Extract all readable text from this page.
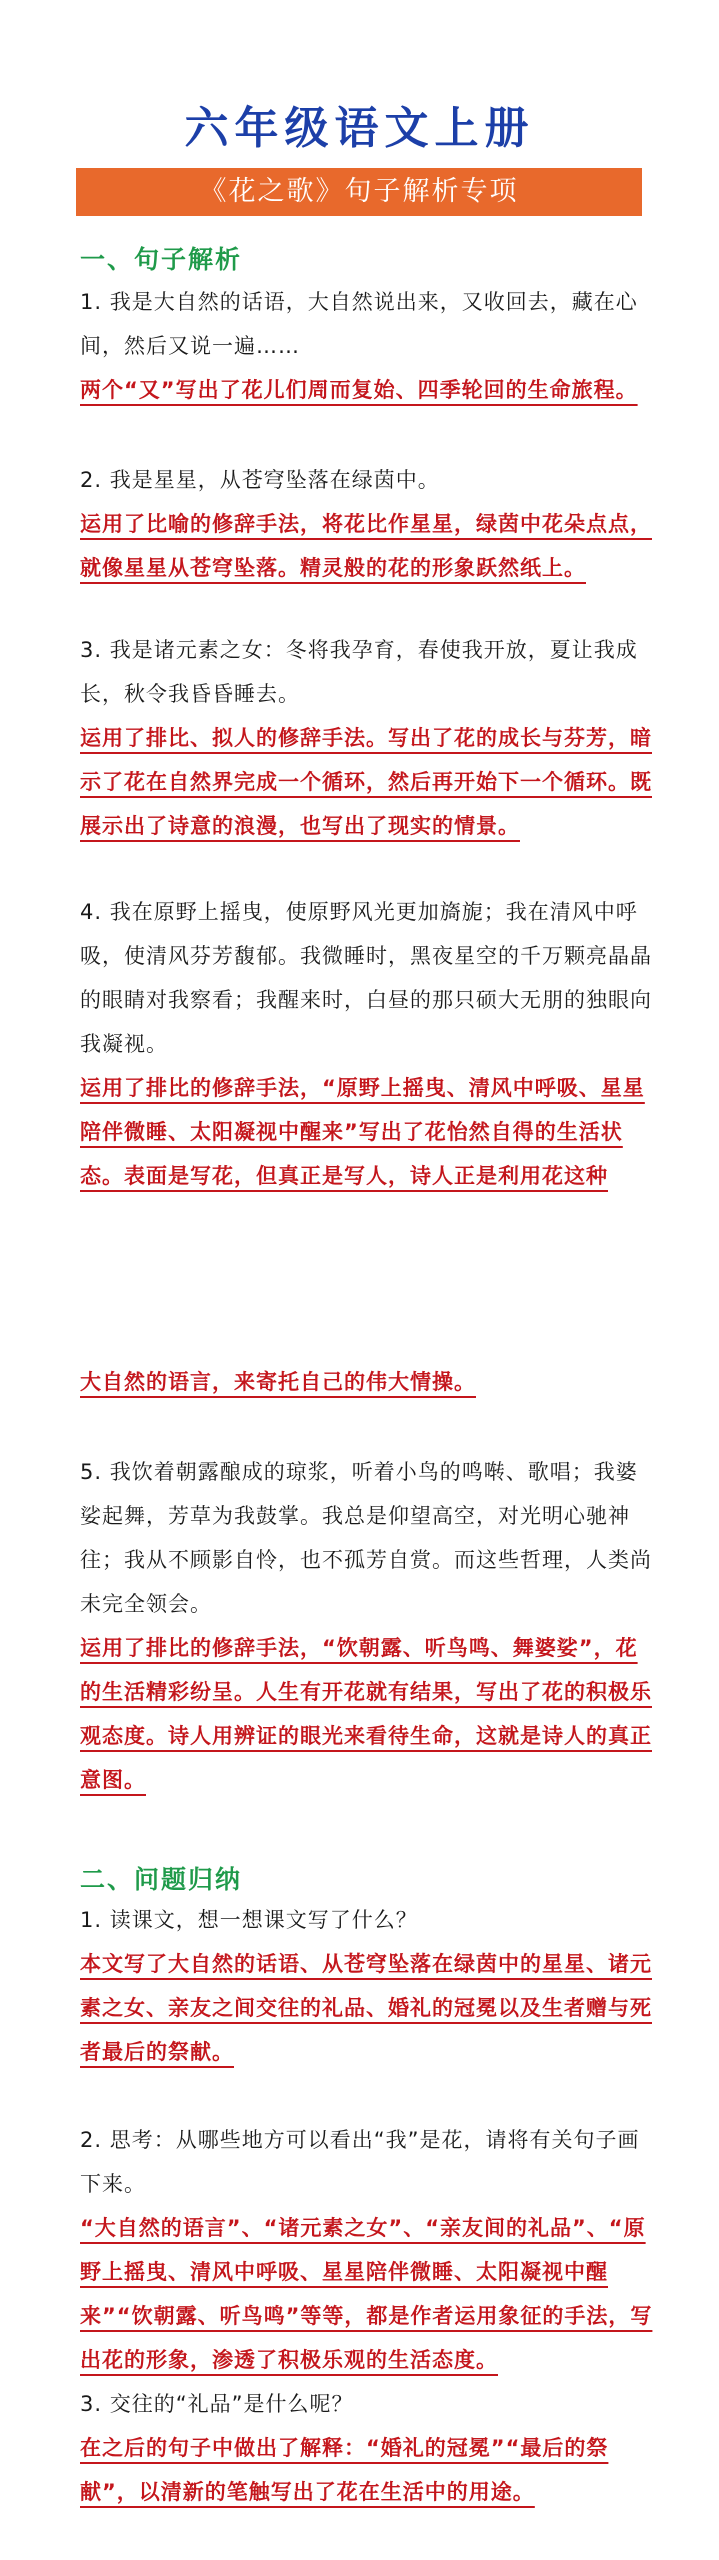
六年级语文上册
《花之歌》句子解析专项
一、句子解析
1. 我是大自然的话语，大自然说出来，又收回去，藏在心间，然后又说一遍……
两个“又”写出了花儿们周而复始、四季轮回的生命旅程。
2. 我是星星，从苍穹坠落在绿茵中。
运用了比喻的修辞手法，将花比作星星，绿茵中花朵点点，就像星星从苍穹坠落。精灵般的花的形象跃然纸上。
3. 我是诸元素之女：冬将我孕育，春使我开放，夏让我成长，秋令我昏昏睡去。
运用了排比、拟人的修辞手法。写出了花的成长与芬芳，暗示了花在自然界完成一个循环，然后再开始下一个循环。既展示出了诗意的浪漫，也写出了现实的情景。
4. 我在原野上摇曳，使原野风光更加旖旎；我在清风中呼吸，使清风芬芳馥郁。我微睡时，黑夜星空的千万颗亮晶晶的眼睛对我察看；我醒来时，白昼的那只硕大无朋的独眼向我凝视。
运用了排比的修辞手法，“原野上摇曳、清风中呼吸、星星陪伴微睡、太阳凝视中醒来”写出了花怡然自得的生活状态。表面是写花，但真正是写人，诗人正是利用花这种
大自然的语言，来寄托自己的伟大情操。
5. 我饮着朝露酿成的琼浆，听着小鸟的鸣啭、歌唱；我婆娑起舞，芳草为我鼓掌。我总是仰望高空，对光明心驰神往；我从不顾影自怜，也不孤芳自赏。而这些哲理，人类尚未完全领会。
运用了排比的修辞手法，“饮朝露、听鸟鸣、舞婆娑”，花的生活精彩纷呈。人生有开花就有结果，写出了花的积极乐观态度。诗人用辨证的眼光来看待生命，这就是诗人的真正意图。
二、问题归纳
1. 读课文，想一想课文写了什么？
本文写了大自然的话语、从苍穹坠落在绿茵中的星星、诸元素之女、亲友之间交往的礼品、婚礼的冠冕以及生者赠与死者最后的祭献。
2. 思考：从哪些地方可以看出“我”是花，请将有关句子画下来。
“大自然的语言”、“诸元素之女”、“亲友间的礼品”、“原野上摇曳、清风中呼吸、星星陪伴微睡、太阳凝视中醒来”“饮朝露、听鸟鸣”等等，都是作者运用象征的手法，写出花的形象，渗透了积极乐观的生活态度。
3. 交往的“礼品”是什么呢？
在之后的句子中做出了解释：“婚礼的冠冕”“最后的祭献”，以清新的笔触写出了花在生活中的用途。
